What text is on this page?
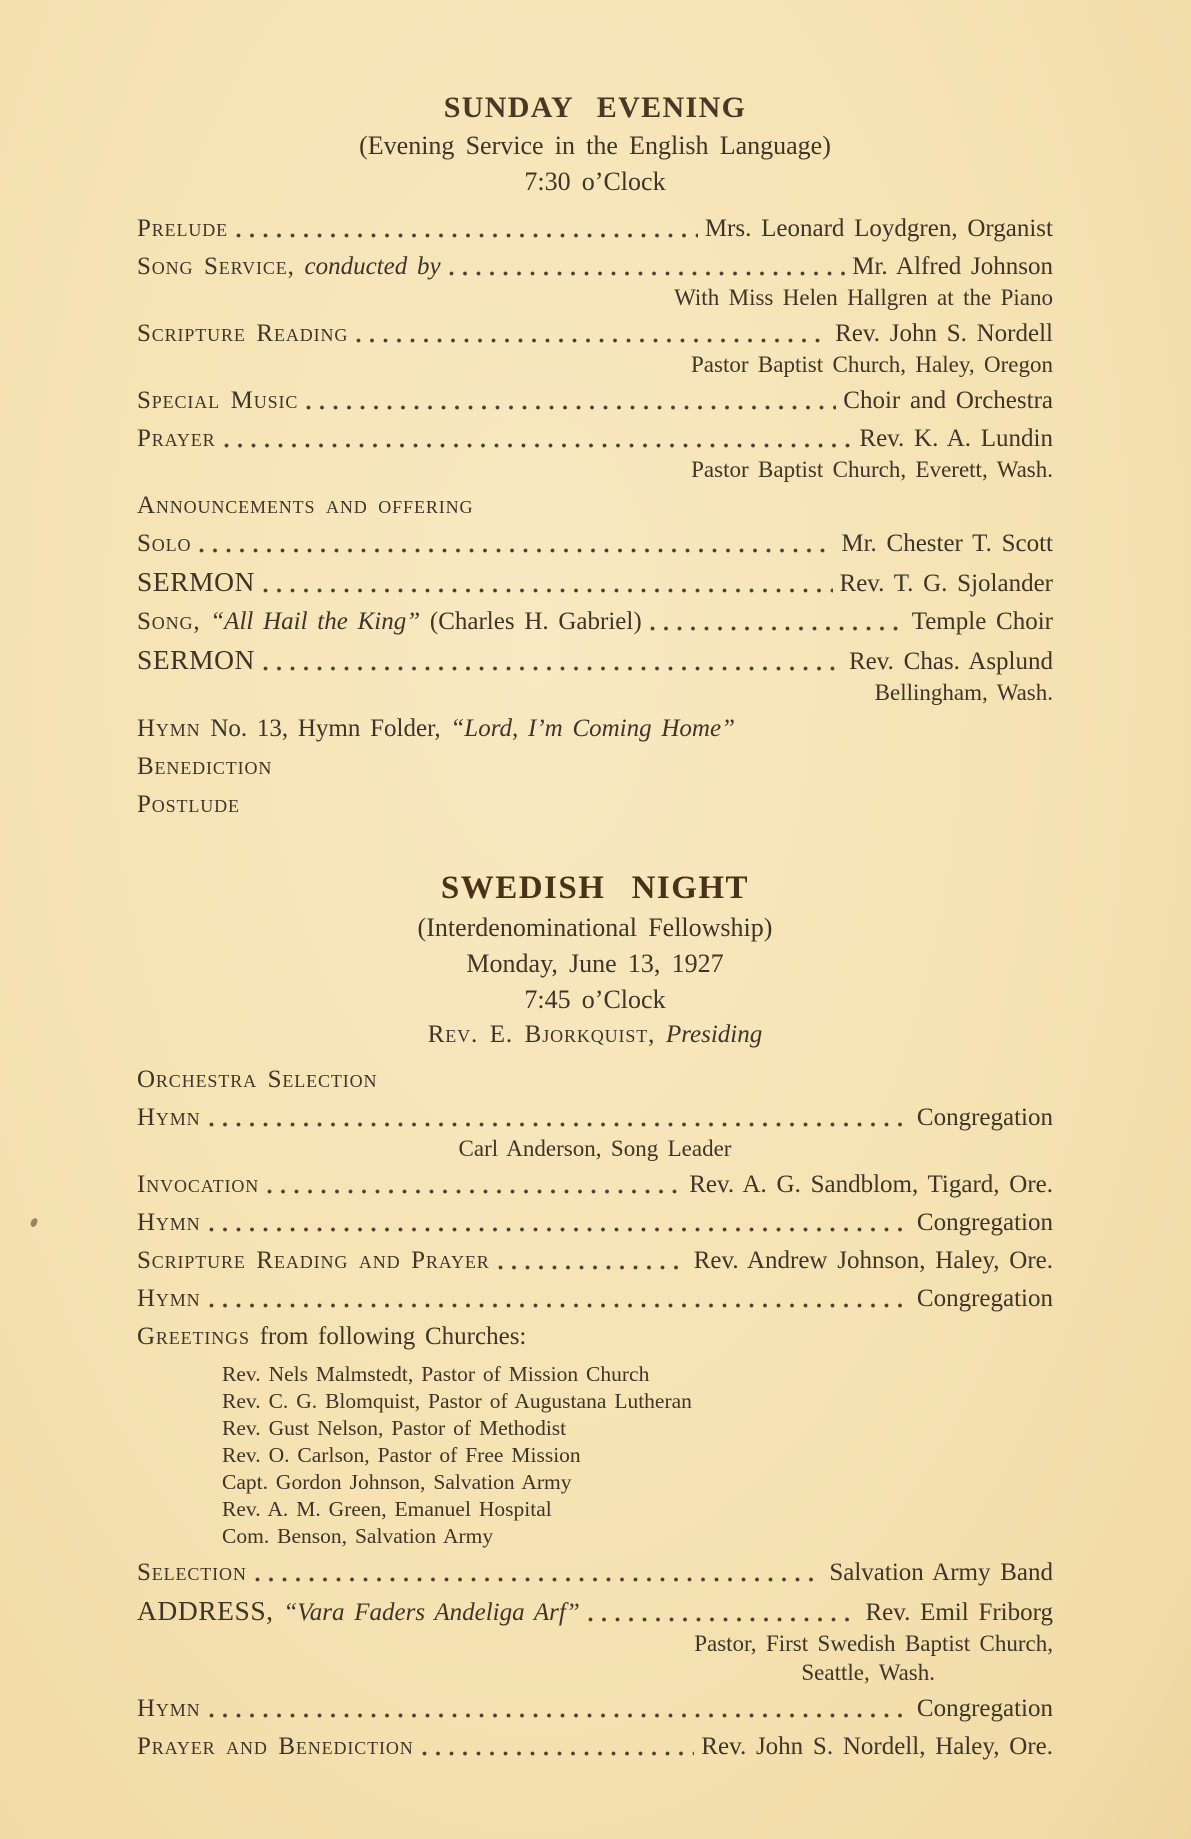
SUNDAY EVENING
(Evening Service in the English Language)
7:30 o’Clock
Prelude	Mrs. Leonard Loydgren, Organist
Song Service, conducted by	Mr. Alfred Johnson
With Miss Helen Hallgren at the Piano
Scripture Reading	Rev. John S. Nordell
Pastor Baptist Church, Haley, Oregon
Special Music	Choir and Orchestra
Prayer	Rev. K. A. Lundin
Pastor Baptist Church, Everett, Wash.
Announcements and offering
Solo	Mr. Chester T. Scott
SERMON	Rev. T. G. Sjolander
Song, “All Hail the King” (Charles H. Gabriel)	Temple Choir
SERMON	Rev. Chas. Asplund
Bellingham, Wash.
Hymn No. 13, Hymn Folder, “Lord, I’m Coming Home”
Benediction
Postlude
SWEDISH NIGHT
(Interdenominational Fellowship)
Monday, June 13, 1927
7:45 o’Clock
Rev. E. Bjorkquist, Presiding
Orchestra Selection
Hymn	Congregation
Carl Anderson, Song Leader
Invocation	Rev. A. G. Sandblom, Tigard, Ore.
Hymn	Congregation
Scripture Reading and Prayer	Rev. Andrew Johnson, Haley, Ore.
Hymn	Congregation
Greetings from following Churches:
Rev. Nels Malmstedt, Pastor of Mission Church
Rev. C. G. Blomquist, Pastor of Augustana Lutheran
Rev. Gust Nelson, Pastor of Methodist
Rev. O. Carlson, Pastor of Free Mission
Capt. Gordon Johnson, Salvation Army
Rev. A. M. Green, Emanuel Hospital
Com. Benson, Salvation Army
Selection	Salvation Army Band
ADDRESS, “Vara Faders Andeliga Arf”	Rev. Emil Friborg
Pastor, First Swedish Baptist Church,
Seattle, Wash.
Hymn	Congregation
Prayer and Benediction	Rev. John S. Nordell, Haley, Ore.
